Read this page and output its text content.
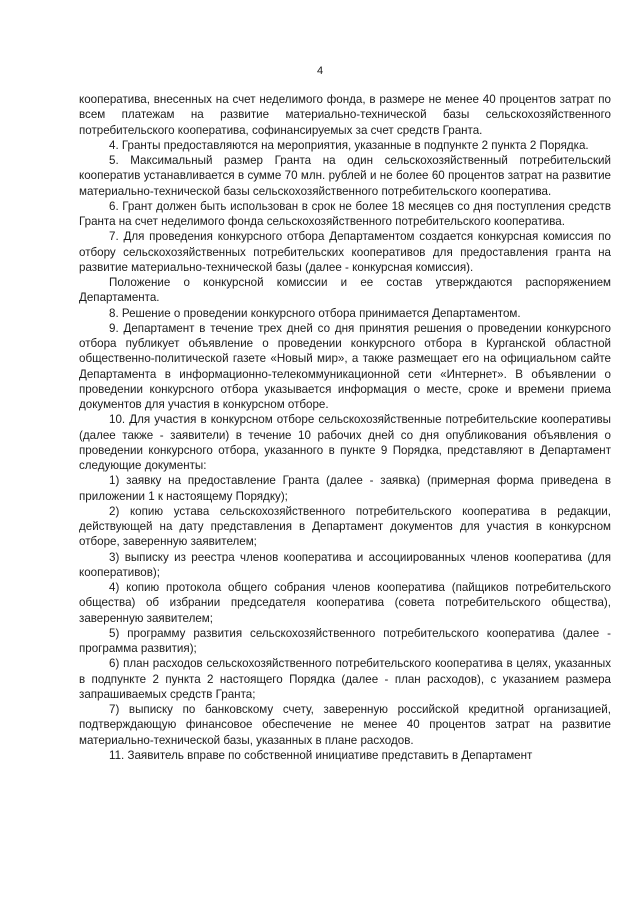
4

кооператива, внесенных на счет неделимого фонда, в размере не менее 40 процентов затрат по всем платежам на развитие материально-технической базы сельскохозяйственного потребительского кооператива, софинансируемых за счет средств Гранта.

4. Гранты предоставляются на мероприятия, указанные в подпункте 2 пункта 2 Порядка.

5. Максимальный размер Гранта на один сельскохозяйственный потребительский кооператив устанавливается в сумме 70 млн. рублей и не более 60 процентов затрат на развитие материально-технической базы сельскохозяйственного потребительского кооператива.

6. Грант должен быть использован в срок не более 18 месяцев со дня поступления средств Гранта на счет неделимого фонда сельскохозяйственного потребительского кооператива.

7. Для проведения конкурсного отбора Департаментом создается конкурсная комиссия по отбору сельскохозяйственных потребительских кооперативов для предоставления гранта на развитие материально-технической базы (далее - конкурсная комиссия).

Положение о конкурсной комиссии и ее состав утверждаются распоряжением Департамента.

8. Решение о проведении конкурсного отбора принимается Департаментом.

9. Департамент в течение трех дней со дня принятия решения о проведении конкурсного отбора публикует объявление о проведении конкурсного отбора в Курганской областной общественно-политической газете «Новый мир», а также размещает его на официальном сайте Департамента в информационно-телекоммуникационной сети «Интернет». В объявлении о проведении конкурсного отбора указывается информация о месте, сроке и времени приема документов для участия в конкурсном отборе.

10. Для участия в конкурсном отборе сельскохозяйственные потребительские кооперативы (далее также - заявители) в течение 10 рабочих дней со дня опубликования объявления о проведении конкурсного отбора, указанного в пункте 9 Порядка, представляют в Департамент следующие документы:

1) заявку на предоставление Гранта (далее - заявка) (примерная форма приведена в приложении 1 к настоящему Порядку);

2) копию устава сельскохозяйственного потребительского кооператива в редакции, действующей на дату представления в Департамент документов для участия в конкурсном отборе, заверенную заявителем;

3) выписку из реестра членов кооператива и ассоциированных членов кооператива (для кооперативов);

4) копию протокола общего собрания членов кооператива (пайщиков потребительского общества) об избрании председателя кооператива (совета потребительского общества), заверенную заявителем;

5) программу развития сельскохозяйственного потребительского кооператива (далее - программа развития);

6) план расходов сельскохозяйственного потребительского кооператива в целях, указанных в подпункте 2 пункта 2 настоящего Порядка (далее - план расходов), с указанием размера запрашиваемых средств Гранта;

7) выписку по банковскому счету, заверенную российской кредитной организацией, подтверждающую финансовое обеспечение не менее 40 процентов затрат на развитие материально-технической базы, указанных в плане расходов.

11. Заявитель вправе по собственной инициативе представить в Департамент
